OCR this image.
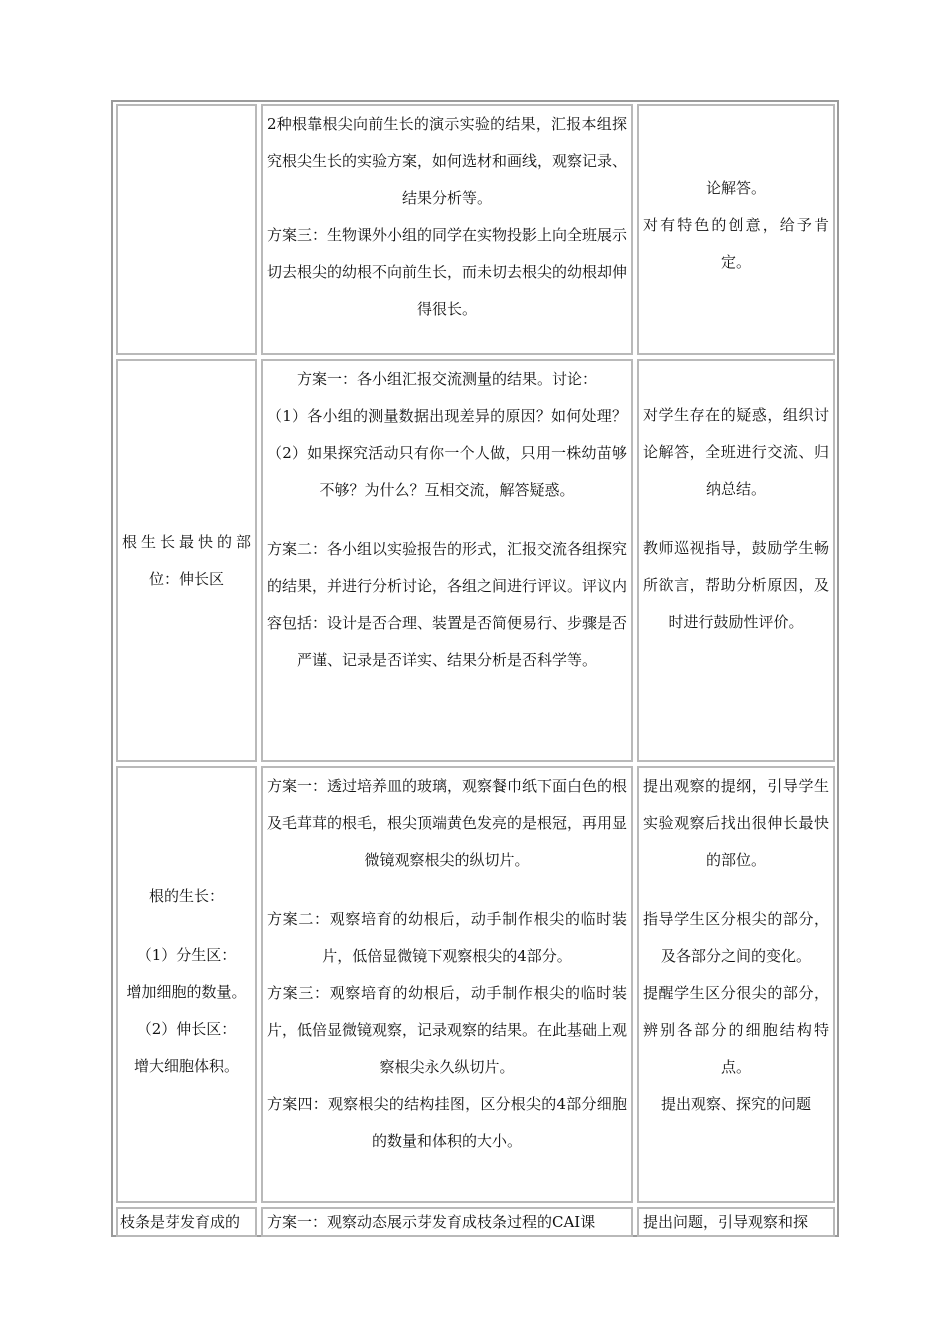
2种根靠根尖向前生长的演示实验的结果，汇报本组探究根尖生长的实验方案，如何选材和画线，观察记录、结果分析等。

方案三：生物课外小组的同学在实物投影上向全班展示切去根尖的幼根不向前生长，而未切去根尖的幼根却伸得很长。

论解答。

对有特色的创意，给予肯定。

根生长最快的部位：伸长区

方案一：各小组汇报交流测量的结果。讨论：

（1）各小组的测量数据出现差异的原因？如何处理？（2）如果探究活动只有你一个人做，只用一株幼苗够不够？为什么？互相交流，解答疑惑。

方案二：各小组以实验报告的形式，汇报交流各组探究的结果，并进行分析讨论，各组之间进行评议。评议内容包括：设计是否合理、装置是否简便易行、步骤是否严谨、记录是否详实、结果分析是否科学等。

对学生存在的疑惑，组织讨论解答，全班进行交流、归纳总结。

教师巡视指导，鼓励学生畅所欲言，帮助分析原因，及时进行鼓励性评价。

根的生长：

（1）分生区：

增加细胞的数量。

（2）伸长区：

增大细胞体积。

方案一：透过培养皿的玻璃，观察餐巾纸下面白色的根及毛茸茸的根毛，根尖顶端黄色发亮的是根冠，再用显微镜观察根尖的纵切片。

方案二：观察培育的幼根后，动手制作根尖的临时装片，低倍显微镜下观察根尖的4部分。

方案三：观察培育的幼根后，动手制作根尖的临时装片，低倍显微镜观察，记录观察的结果。在此基础上观察根尖永久纵切片。

方案四：观察根尖的结构挂图，区分根尖的4部分细胞的数量和体积的大小。

提出观察的提纲，引导学生实验观察后找出很伸长最快的部位。

指导学生区分根尖的部分，及各部分之间的变化。

提醒学生区分很尖的部分，辨别各部分的细胞结构特点。

提出观察、探究的问题

枝条是芽发育成的	方案一：观察动态展示芽发育成枝条过程的CAI课	提出问题，引导观察和探
